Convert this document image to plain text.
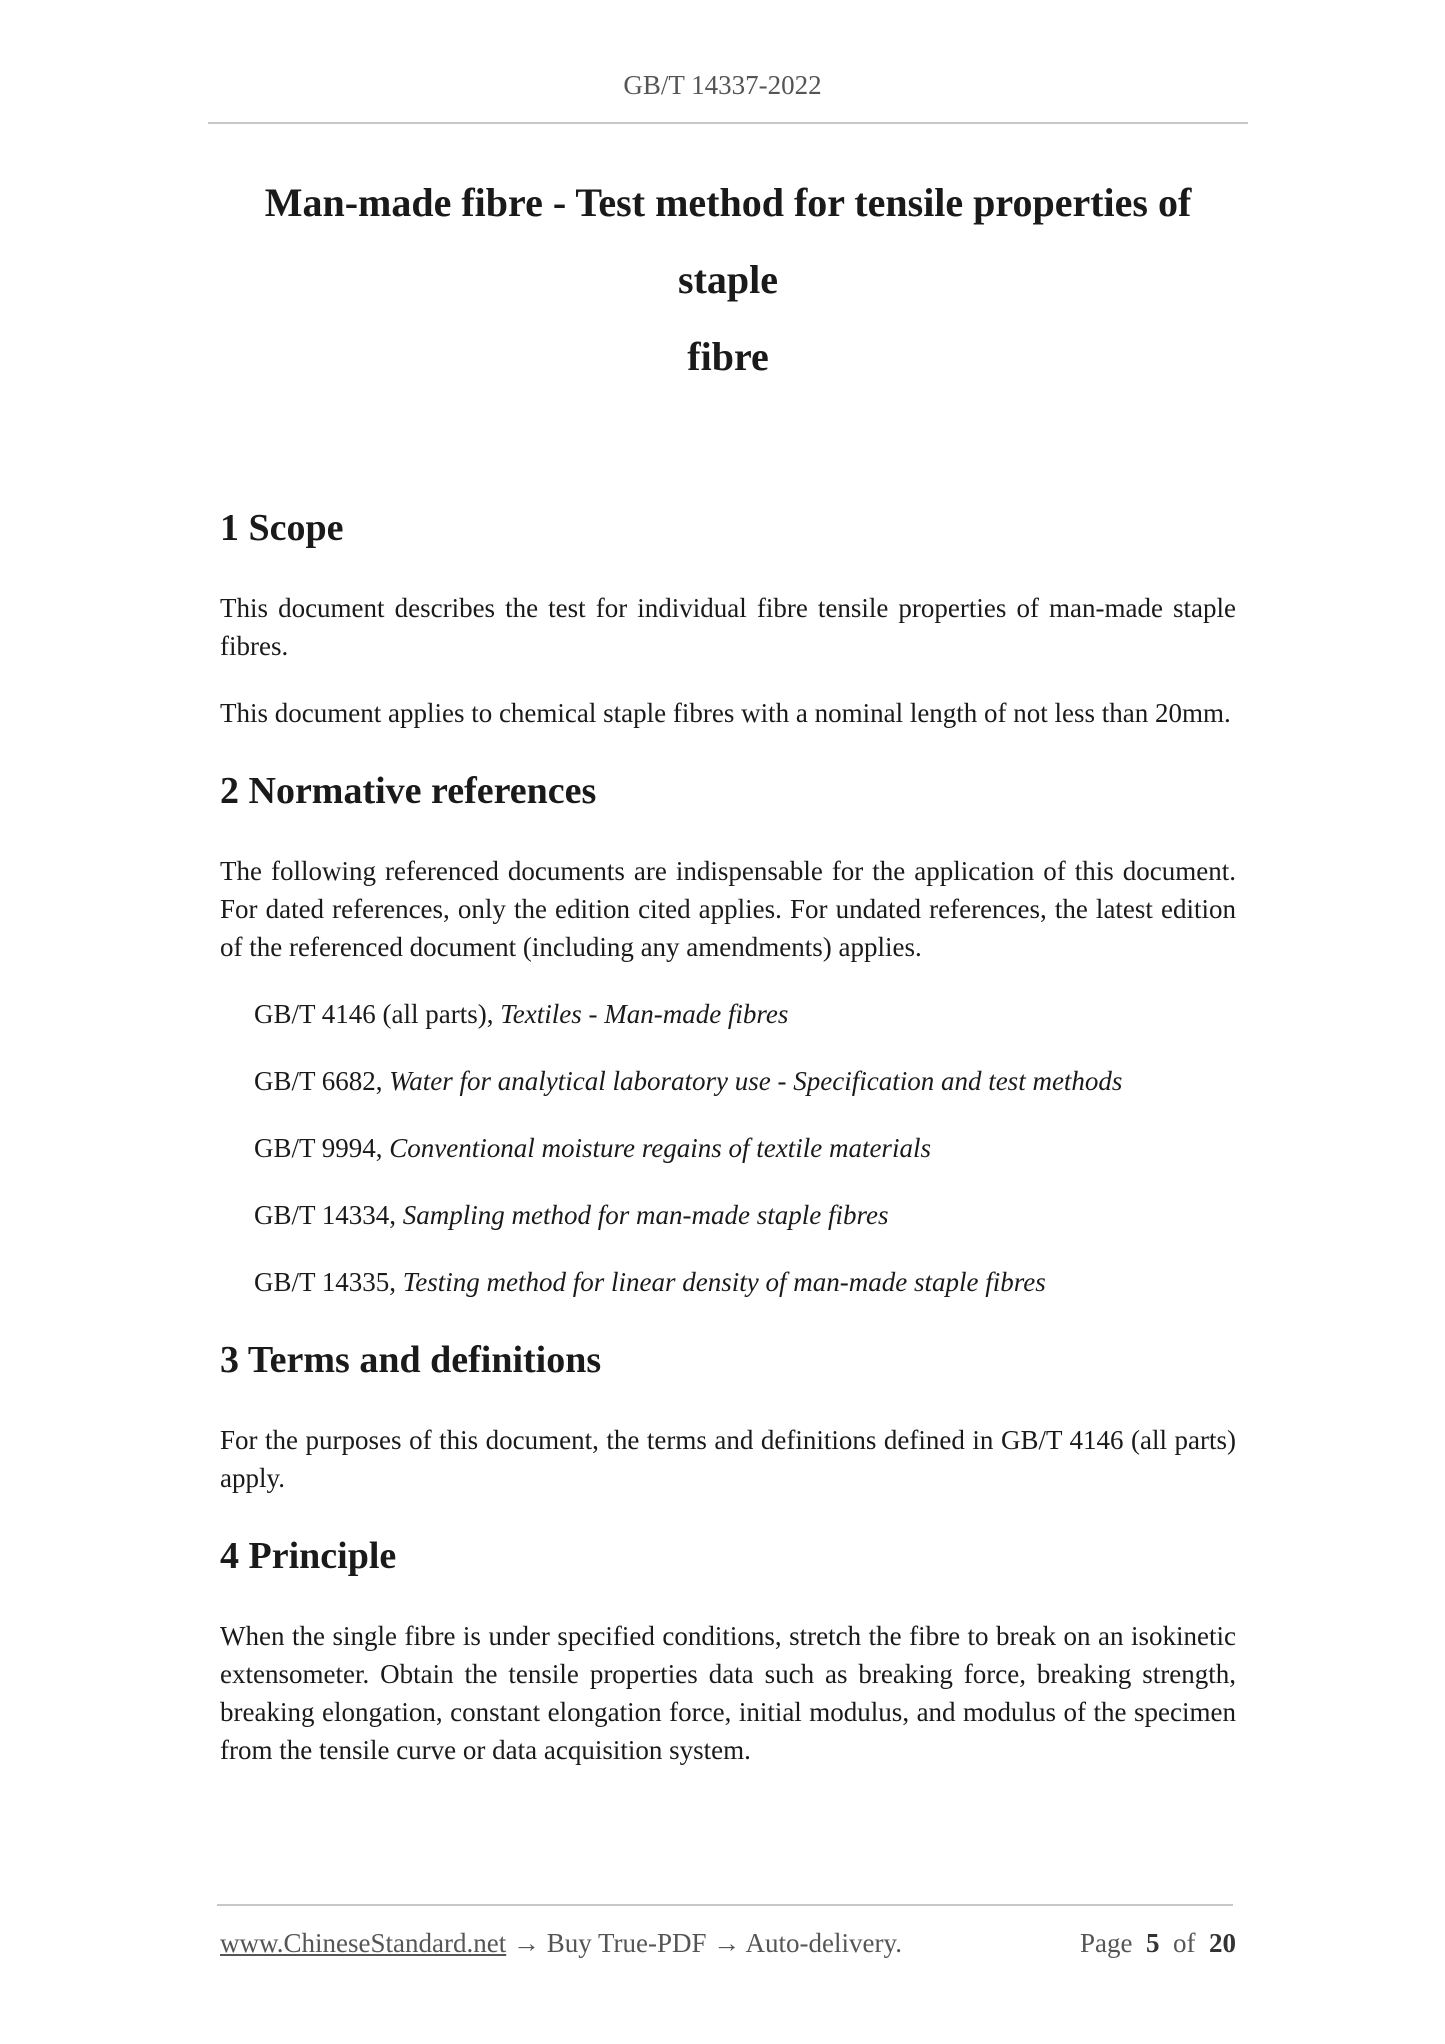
GB/T 14337-2022
Man-made fibre - Test method for tensile properties of staple
fibre
1 Scope

This document describes the test for individual fibre tensile properties of man-made staple fibres.

This document applies to chemical staple fibres with a nominal length of not less than 20mm.

2 Normative references

The following referenced documents are indispensable for the application of this document. For dated references, only the edition cited applies. For undated references, the latest edition of the referenced document (including any amendments) applies.

GB/T 4146 (all parts), Textiles - Man-made fibres

GB/T 6682, Water for analytical laboratory use - Specification and test methods

GB/T 9994, Conventional moisture regains of textile materials

GB/T 14334, Sampling method for man-made staple fibres

GB/T 14335, Testing method for linear density of man-made staple fibres

3 Terms and definitions

For the purposes of this document, the terms and definitions defined in GB/T 4146 (all parts) apply.

4 Principle

When the single fibre is under specified conditions, stretch the fibre to break on an isokinetic extensometer. Obtain the tensile properties data such as breaking force, breaking strength, breaking elongation, constant elongation force, initial modulus, and modulus of the specimen from the tensile curve or data acquisition system.

www.ChineseStandard.net → Buy True-PDF → Auto-delivery.	Page 5 of 20
